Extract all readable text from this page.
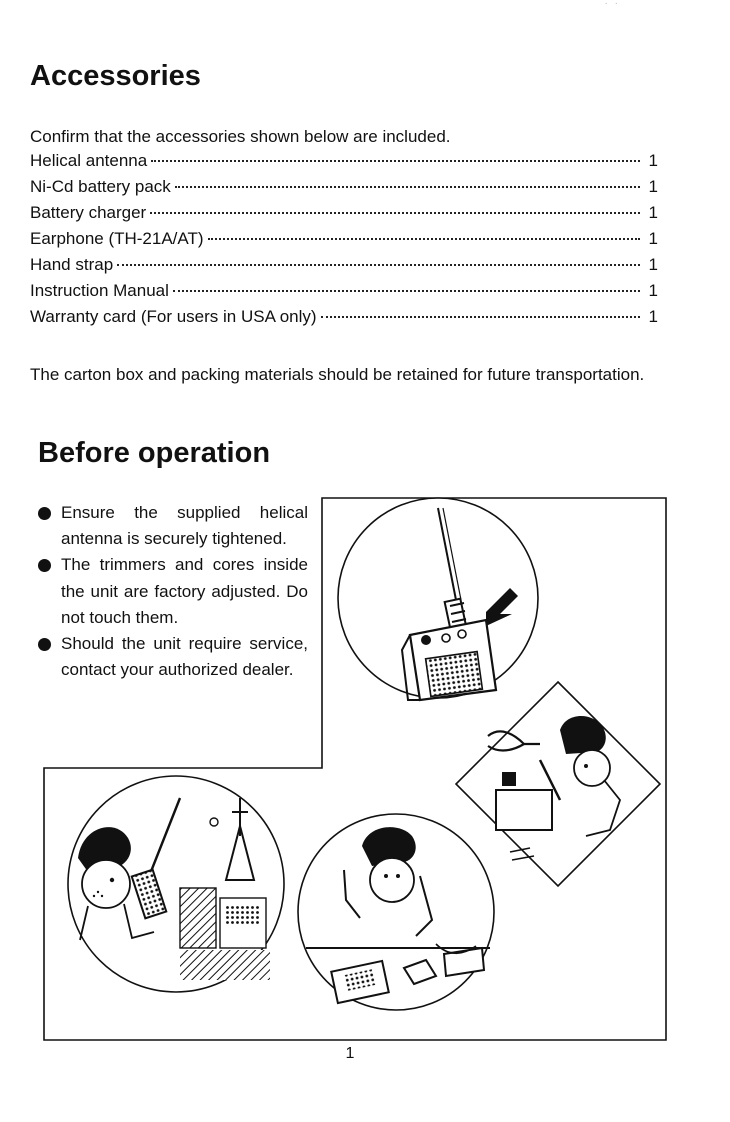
· ·
Accessories
Confirm that the accessories shown below are included.
Helical antenna	1
Ni-Cd battery pack	1
Battery charger	1
Earphone (TH-21A/AT)	1
Hand strap	1
Instruction Manual	1
Warranty card (For users in USA only)	1
The carton box and packing materials should be retained for future transportation.
Before operation
Ensure the supplied helical antenna is securely tightened.
The trimmers and cores inside the unit are factory adjusted. Do not touch them.
Should the unit require service, contact your authorized dealer.
1
